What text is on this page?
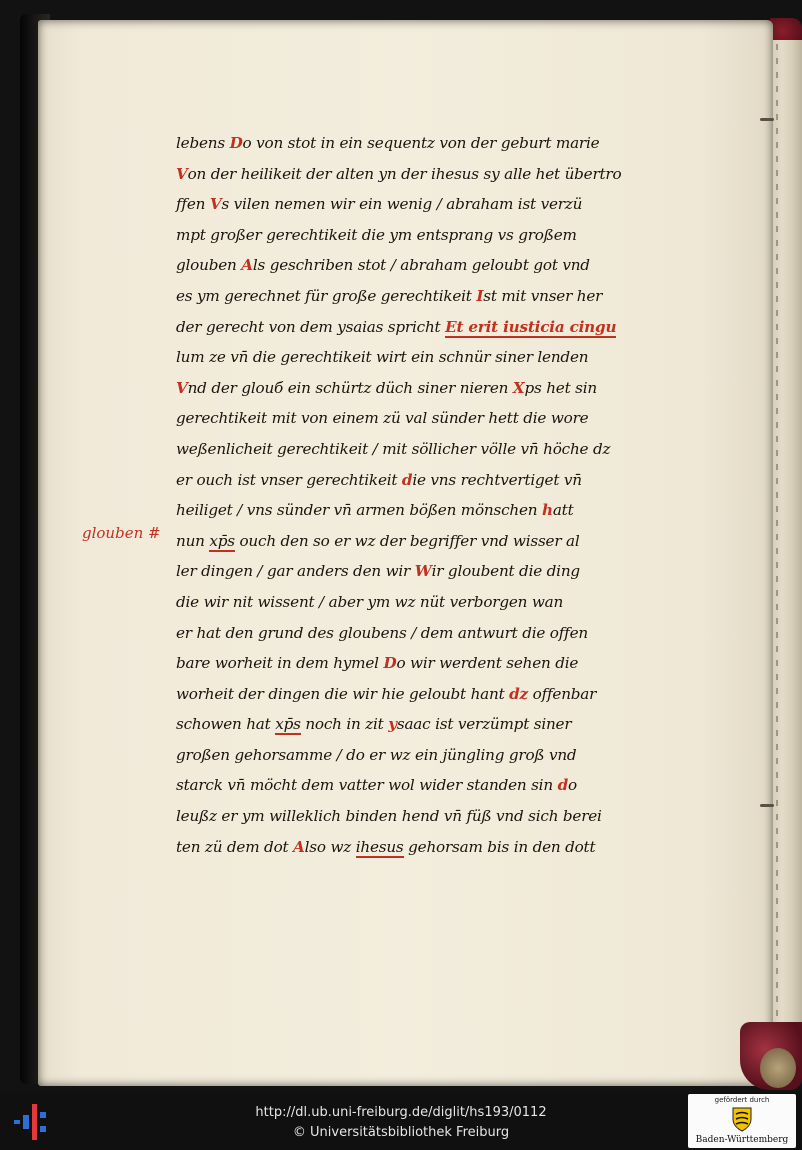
glouben #
lebens Do von stot in ein sequentz von der geburt marie
Von der heilikeit der alten yn der ihesus sy alle het übertro
ffen Vs vilen nemen wir ein wenig / abraham ist verzü
mpt großer gerechtikeit die ym entsprang vs großem
glouben Als geschriben stot / abraham geloubt got vnd
es ym gerechnet für große gerechtikeit Ist mit vnser her
der gerecht von dem ysaias spricht Et erit iusticia cingu
lum ze vn̄ die gerechtikeit wirt ein schnür siner lenden
Vnd der glouб ein schürtz düch siner nieren Xps het sin
gerechtikeit mit von einem zü val sünder hett die wore
weßenlicheit gerechtikeit / mit söllicher völle vn̄ höche dz
er ouch ist vnser gerechtikeit die vns rechtvertiget vn̄
heiliget / vns sünder vn̄ armen bößen mönschen hatt
nun xp̄s ouch den so er wz der begriffer vnd wisser al
ler dingen / gar anders den wir Wir gloubent die ding
die wir nit wissent / aber ym wz nüt verborgen wan
er hat den grund des gloubens / dem antwurt die offen
bare worheit in dem hymel Do wir werdent sehen die
worheit der dingen die wir hie geloubt hant dz offenbar
schowen hat xp̄s noch in zit ysaac ist verzümpt siner
großen gehorsamme / do er wz ein jüngling groß vnd
starck vn̄ möcht dem vatter wol wider standen sin do
leußz er ym willeklich binden hend vn̄ füß vnd sich berei
ten zü dem dot Also wz ihesus gehorsam bis in den dott
http://dl.ub.uni-freiburg.de/diglit/hs193/0112
© Universitätsbibliothek Freiburg
gefördert durch
Baden-Württemberg
